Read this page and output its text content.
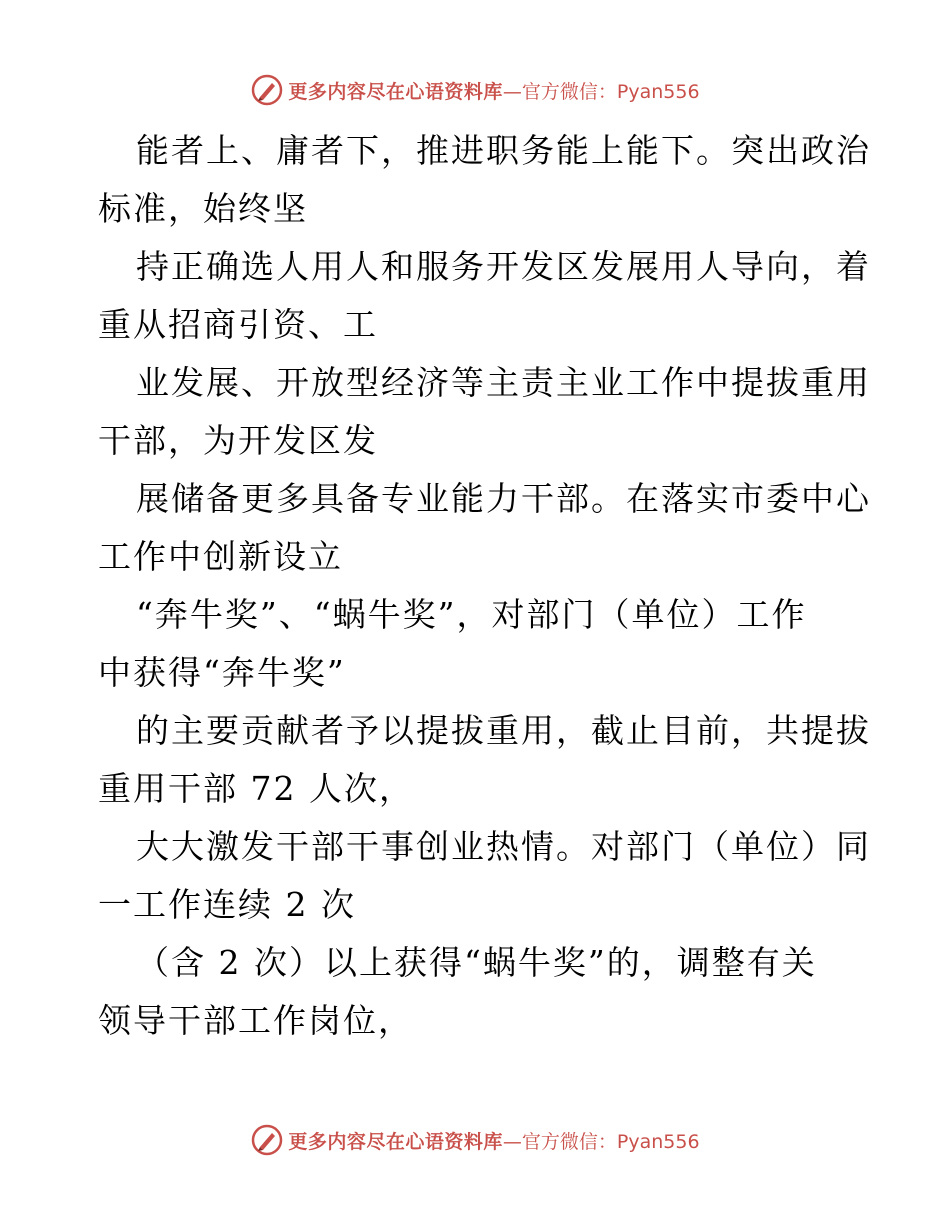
更多内容尽在心语资料库 —官方微信：Pyan556
能者上、庸者下，推进职务能上能下。突出政治
标准，始终坚
持正确选人用人和服务开发区发展用人导向，着
重从招商引资、工
业发展、开放型经济等主责主业工作中提拔重用
干部，为开发区发
展储备更多具备专业能力干部。在落实市委中心
工作中创新设立
“奔牛奖”、“蜗牛奖”，对部门（单位）工作
中获得“奔牛奖”
的主要贡献者予以提拔重用，截止目前，共提拔
重用干部 72 人次，
大大激发干部干事创业热情。对部门（单位）同
一工作连续 2 次
（含 2 次）以上获得“蜗牛奖”的，调整有关
领导干部工作岗位，
更多内容尽在心语资料库 —官方微信：Pyan556
